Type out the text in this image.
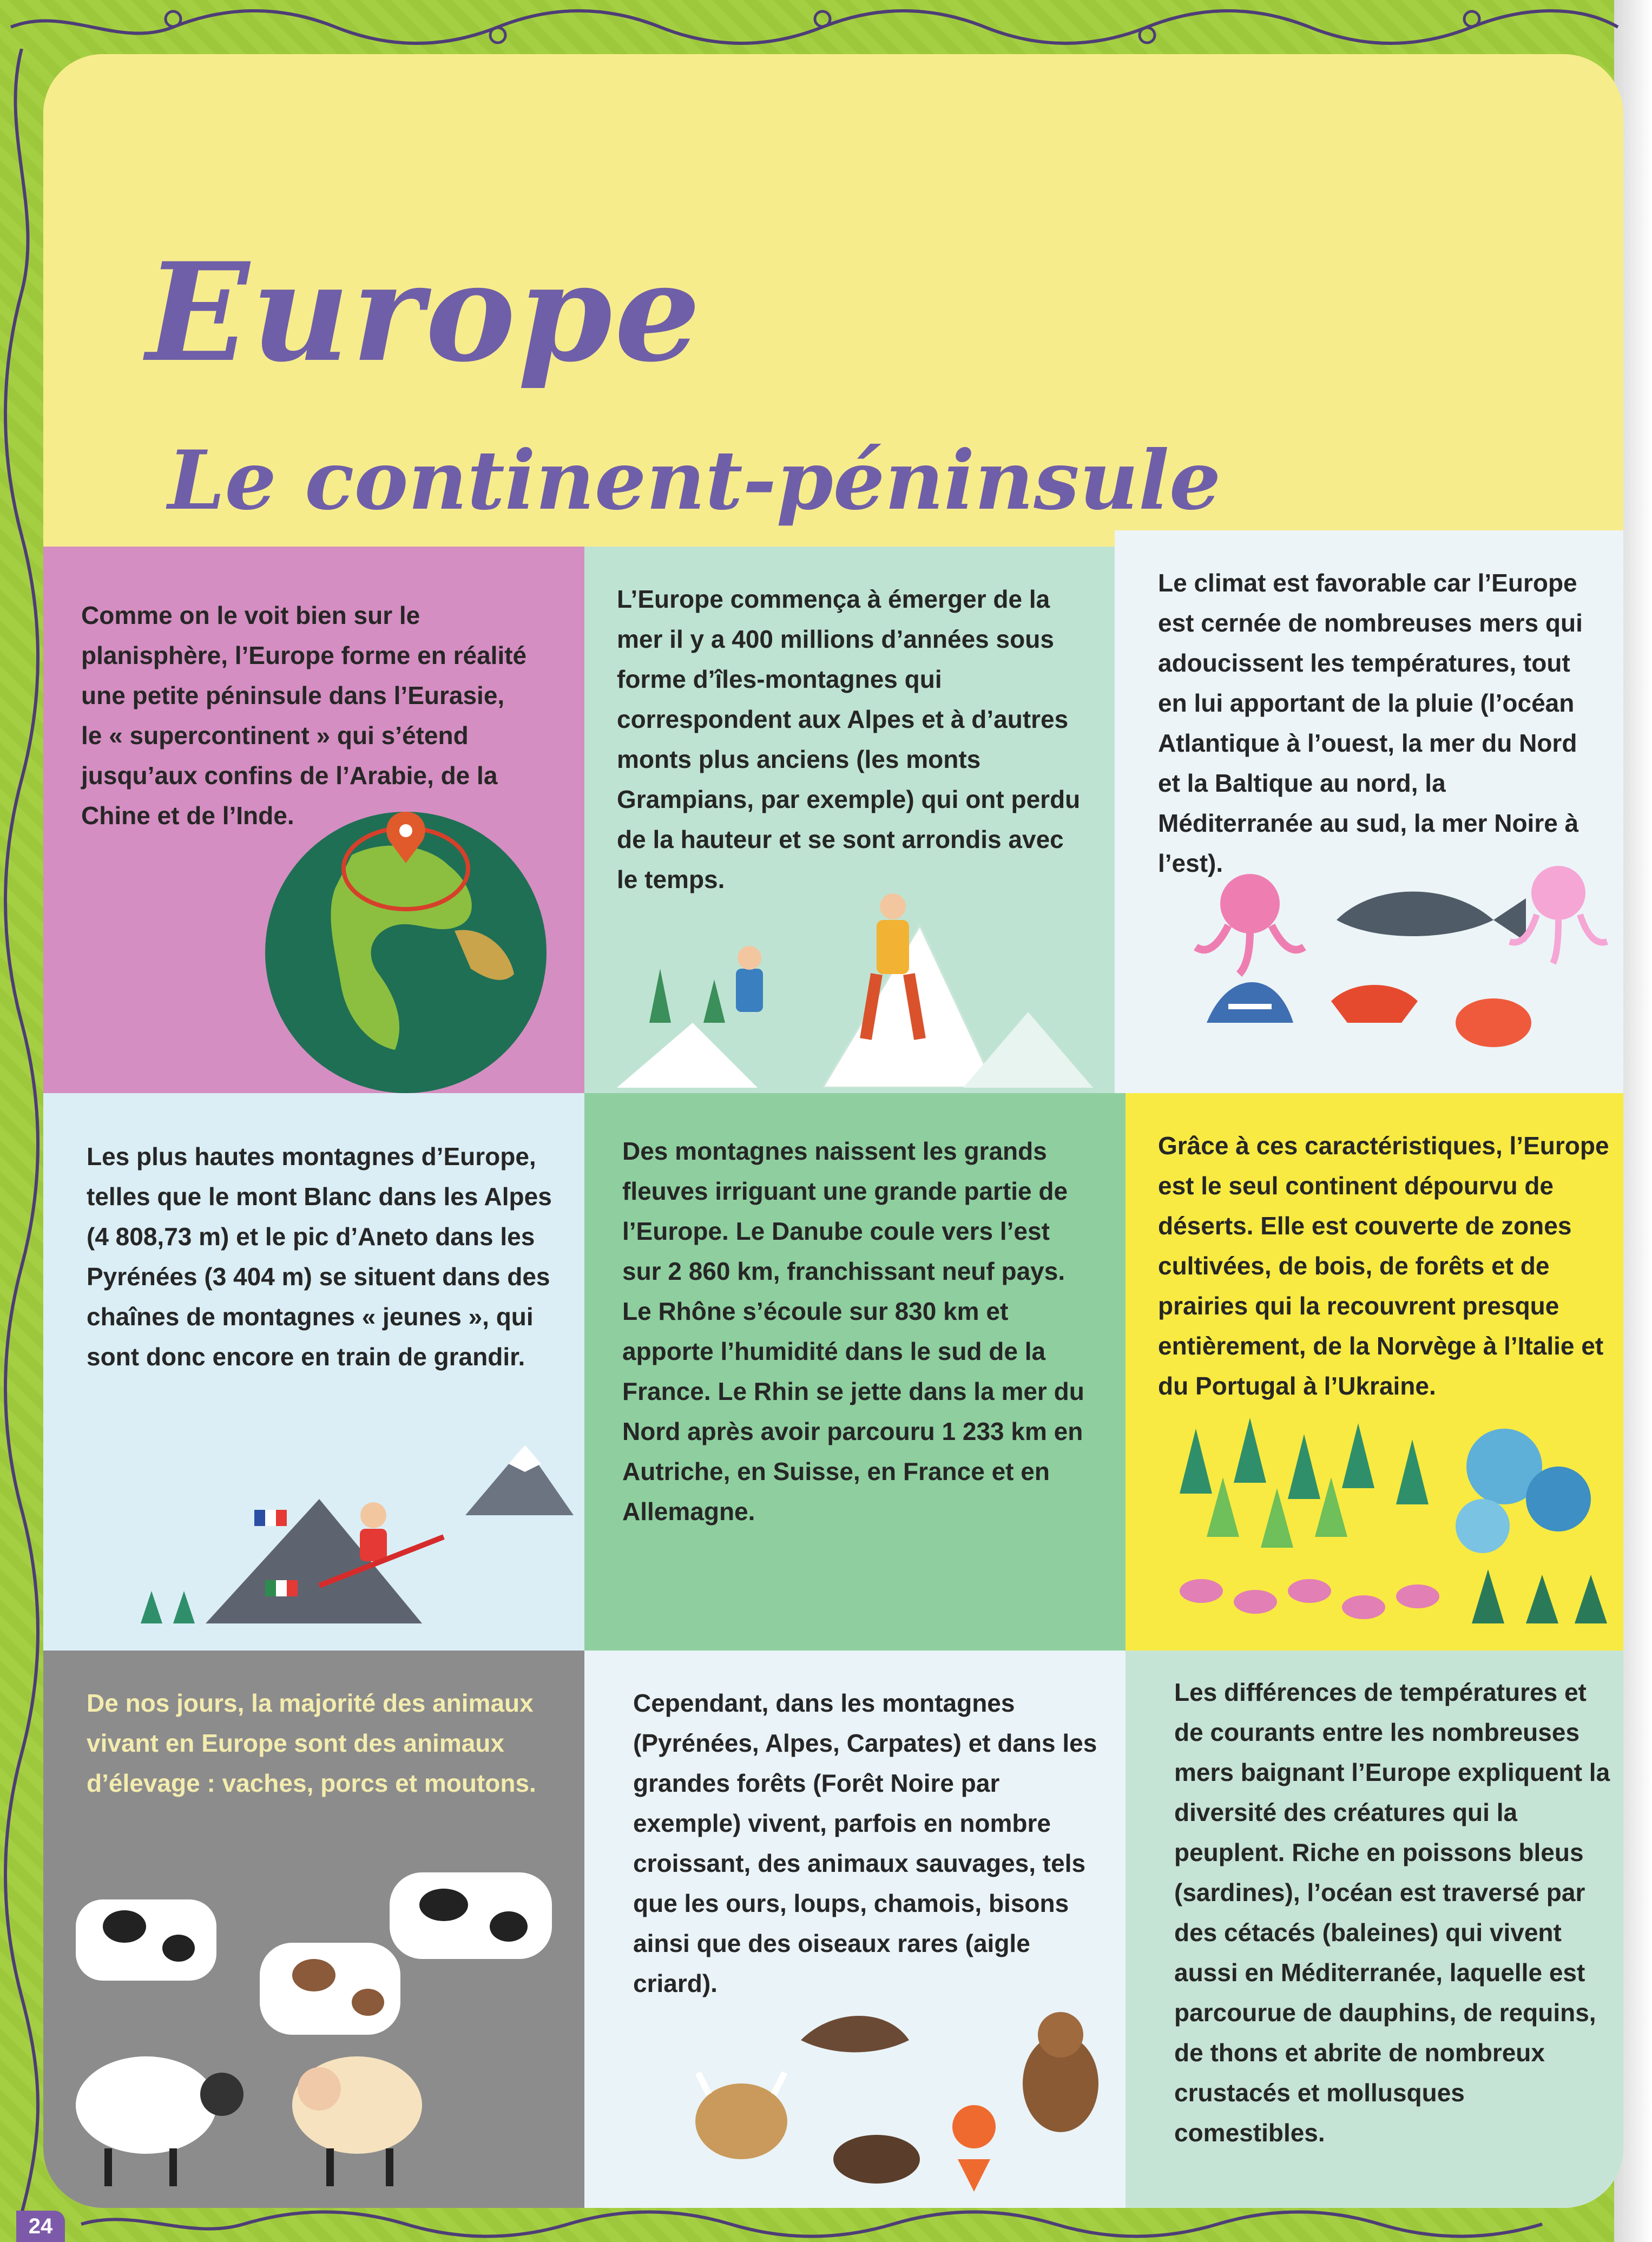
Europe
Le continent-péninsule

Comme on le voit bien sur le planisphère, l’Europe forme en réalité une petite péninsule dans l’Eurasie, le « supercontinent » qui s’étend jusqu’aux confins de l’Arabie, de la Chine et de l’Inde.

L’Europe commença à émerger de la mer il y a 400 millions d’années sous forme d’îles-montagnes qui correspondent aux Alpes et à d’autres monts plus anciens (les monts Grampians, par exemple) qui ont perdu de la hauteur et se sont arrondis avec le temps.

Le climat est favorable car l’Europe est cernée de nombreuses mers qui adoucissent les températures, tout en lui apportant de la pluie (l’océan Atlantique à l’ouest, la mer du Nord et la Baltique au nord, la Méditerranée au sud, la mer Noire à l’est).

Les plus hautes montagnes d’Europe, telles que le mont Blanc dans les Alpes (4 808,73 m) et le pic d’Aneto dans les Pyrénées (3 404 m) se situent dans des chaînes de montagnes « jeunes », qui sont donc encore en train de grandir.

Des montagnes naissent les grands fleuves irriguant une grande partie de l’Europe. Le Danube coule vers l’est sur 2 860 km, franchissant neuf pays. Le Rhône s’écoule sur 830 km et apporte l’humidité dans le sud de la France. Le Rhin se jette dans la mer du Nord après avoir parcouru 1 233 km en Autriche, en Suisse, en France et en Allemagne.

Grâce à ces caractéristiques, l’Europe est le seul continent dépourvu de déserts. Elle est couverte de zones cultivées, de bois, de forêts et de prairies qui la recouvrent presque entièrement, de la Norvège à l’Italie et du Portugal à l’Ukraine.

De nos jours, la majorité des animaux vivant en Europe sont des animaux d’élevage : vaches, porcs et moutons.

Cependant, dans les montagnes (Pyrénées, Alpes, Carpates) et dans les grandes forêts (Forêt Noire par exemple) vivent, parfois en nombre croissant, des animaux sauvages, tels que les ours, loups, chamois, bisons ainsi que des oiseaux rares (aigle criard).

Les différences de températures et de courants entre les nombreuses mers baignant l’Europe expliquent la diversité des créatures qui la peuplent. Riche en poissons bleus (sardines), l’océan est traversé par des cétacés (baleines) qui vivent aussi en Méditerranée, laquelle est parcourue de dauphins, de requins, de thons et abrite de nombreux crustacés et mollusques comestibles.

24
